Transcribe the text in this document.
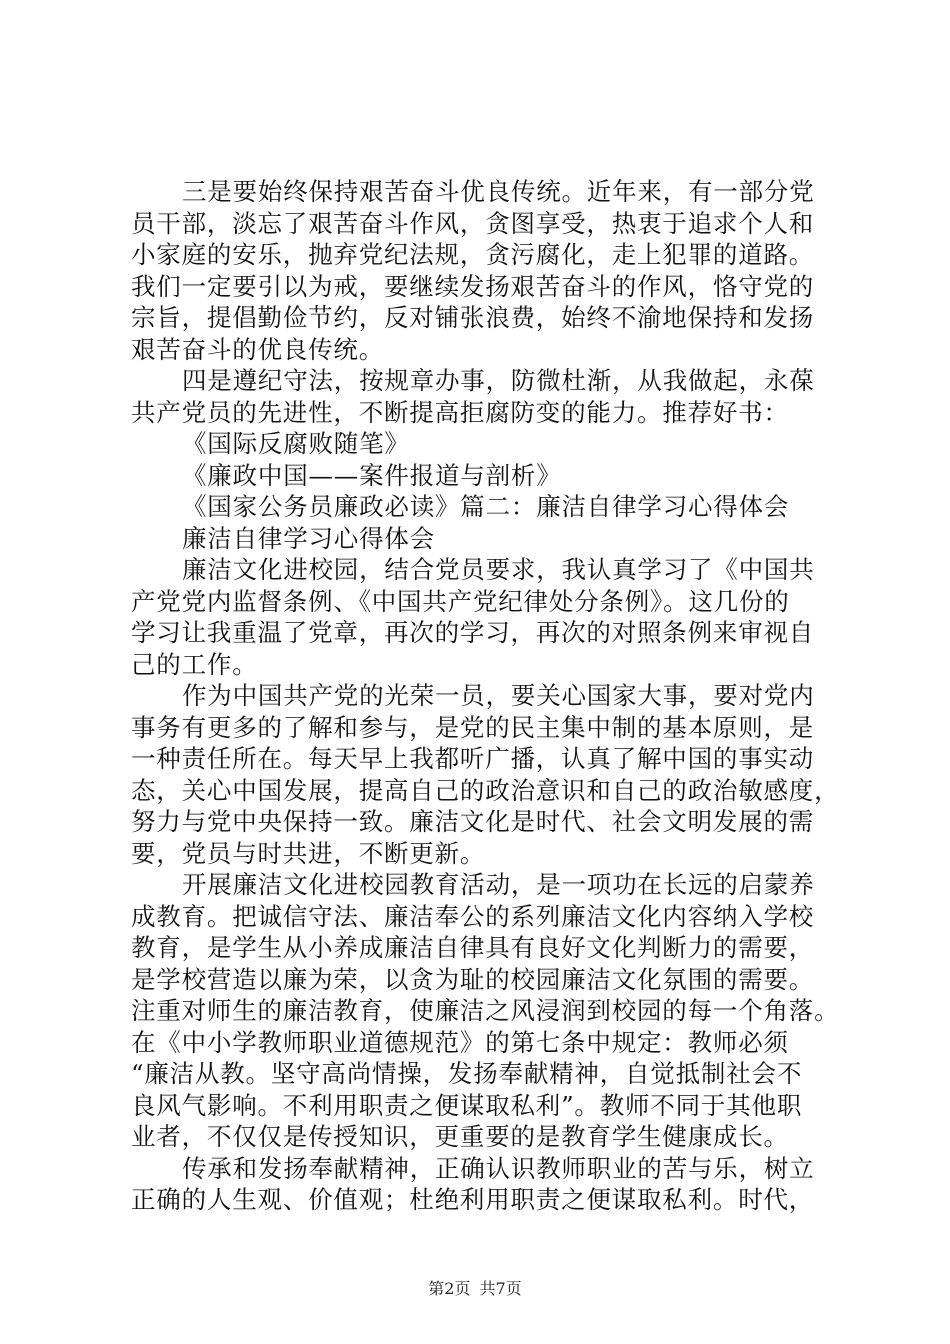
三是要始终保持艰苦奋斗优良传统。近年来，有一部分党
员干部，淡忘了艰苦奋斗作风，贪图享受，热衷于追求个人和
小家庭的安乐，抛弃党纪法规，贪污腐化，走上犯罪的道路。
我们一定要引以为戒，要继续发扬艰苦奋斗的作风，恪守党的
宗旨，提倡勤俭节约，反对铺张浪费，始终不渝地保持和发扬
艰苦奋斗的优良传统。
四是遵纪守法，按规章办事，防微杜渐，从我做起，永葆
共产党员的先进性，不断提高拒腐防变的能力。推荐好书：
《国际反腐败随笔》
《廉政中国——案件报道与剖析》
《国家公务员廉政必读》篇二：廉洁自律学习心得体会
廉洁自律学习心得体会
廉洁文化进校园，结合党员要求，我认真学习了《中国共
产党党内监督条例、《中国共产党纪律处分条例》。这几份的
学习让我重温了党章，再次的学习，再次的对照条例来审视自
己的工作。
作为中国共产党的光荣一员，要关心国家大事，要对党内
事务有更多的了解和参与，是党的民主集中制的基本原则，是
一种责任所在。每天早上我都听广播，认真了解中国的事实动
态，关心中国发展，提高自己的政治意识和自己的政治敏感度，
努力与党中央保持一致。廉洁文化是时代、社会文明发展的需
要，党员与时共进，不断更新。
开展廉洁文化进校园教育活动，是一项功在长远的启蒙养
成教育。把诚信守法、廉洁奉公的系列廉洁文化内容纳入学校
教育，是学生从小养成廉洁自律具有良好文化判断力的需要，
是学校营造以廉为荣，以贪为耻的校园廉洁文化氛围的需要。
注重对师生的廉洁教育，使廉洁之风浸润到校园的每一个角落。
在《中小学教师职业道德规范》的第七条中规定：教师必须
“廉洁从教。坚守高尚情操，发扬奉献精神，自觉抵制社会不
良风气影响。不利用职责之便谋取私利”。教师不同于其他职
业者，不仅仅是传授知识，更重要的是教育学生健康成长。
传承和发扬奉献精神，正确认识教师职业的苦与乐，树立
正确的人生观、价值观；杜绝利用职责之便谋取私利。时代，
第2页 共7页
